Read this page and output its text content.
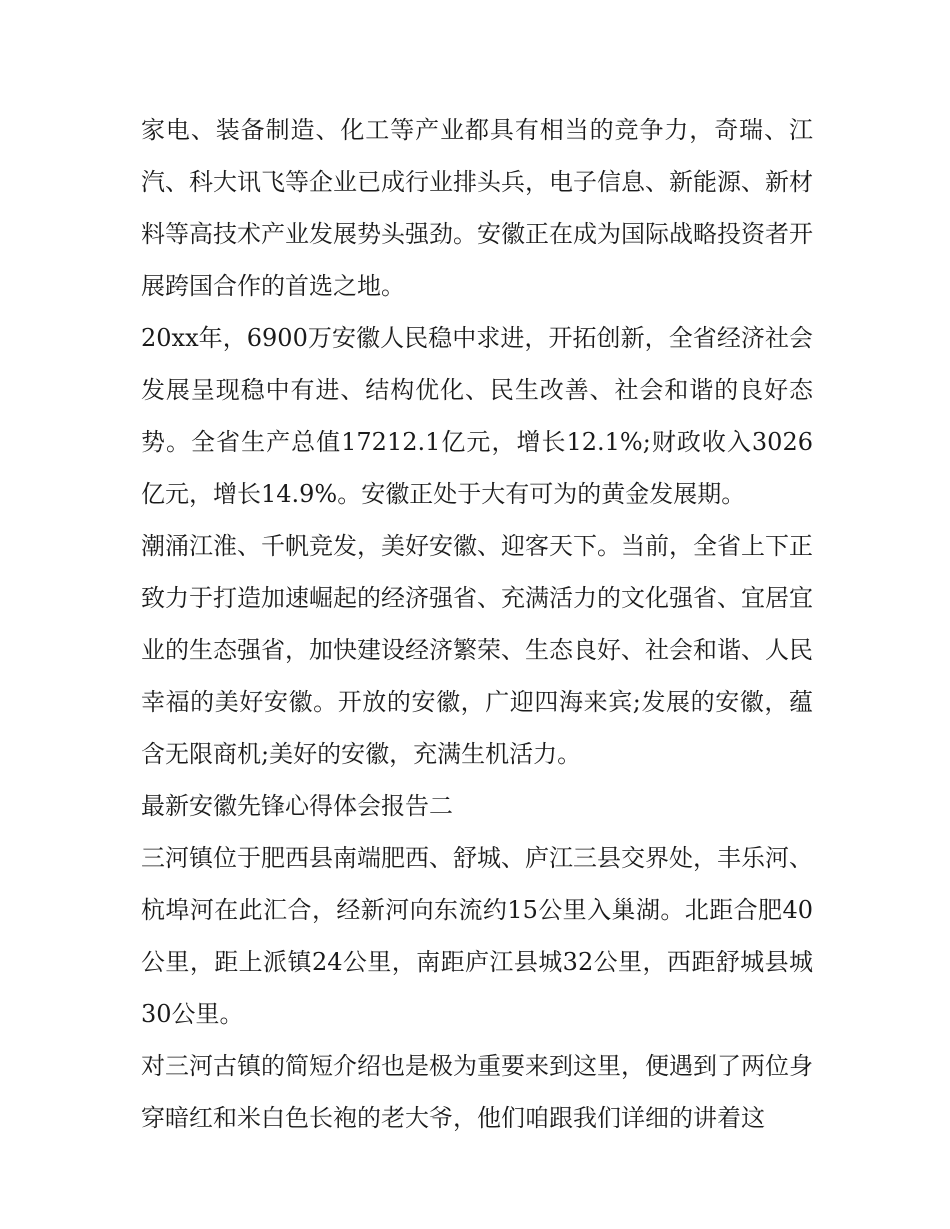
家电、装备制造、化工等产业都具有相当的竞争力，奇瑞、江汽、科大讯飞等企业已成行业排头兵，电子信息、新能源、新材料等高技术产业发展势头强劲。安徽正在成为国际战略投资者开展跨国合作的首选之地。

20xx年，6900万安徽人民稳中求进，开拓创新，全省经济社会发展呈现稳中有进、结构优化、民生改善、社会和谐的良好态势。全省生产总值17212.1亿元，增长12.1%;财政收入3026亿元，增长14.9%。安徽正处于大有可为的黄金发展期。

潮涌江淮、千帆竞发，美好安徽、迎客天下。当前，全省上下正致力于打造加速崛起的经济强省、充满活力的文化强省、宜居宜业的生态强省，加快建设经济繁荣、生态良好、社会和谐、人民幸福的美好安徽。开放的安徽，广迎四海来宾;发展的安徽，蕴含无限商机;美好的安徽，充满生机活力。

最新安徽先锋心得体会报告二

三河镇位于肥西县南端肥西、舒城、庐江三县交界处，丰乐河、杭埠河在此汇合，经新河向东流约15公里入巢湖。北距合肥40公里，距上派镇24公里，南距庐江县城32公里，西距舒城县城30公里。

对三河古镇的简短介绍也是极为重要来到这里，便遇到了两位身穿暗红和米白色长袍的老大爷，他们咱跟我们详细的讲着这
